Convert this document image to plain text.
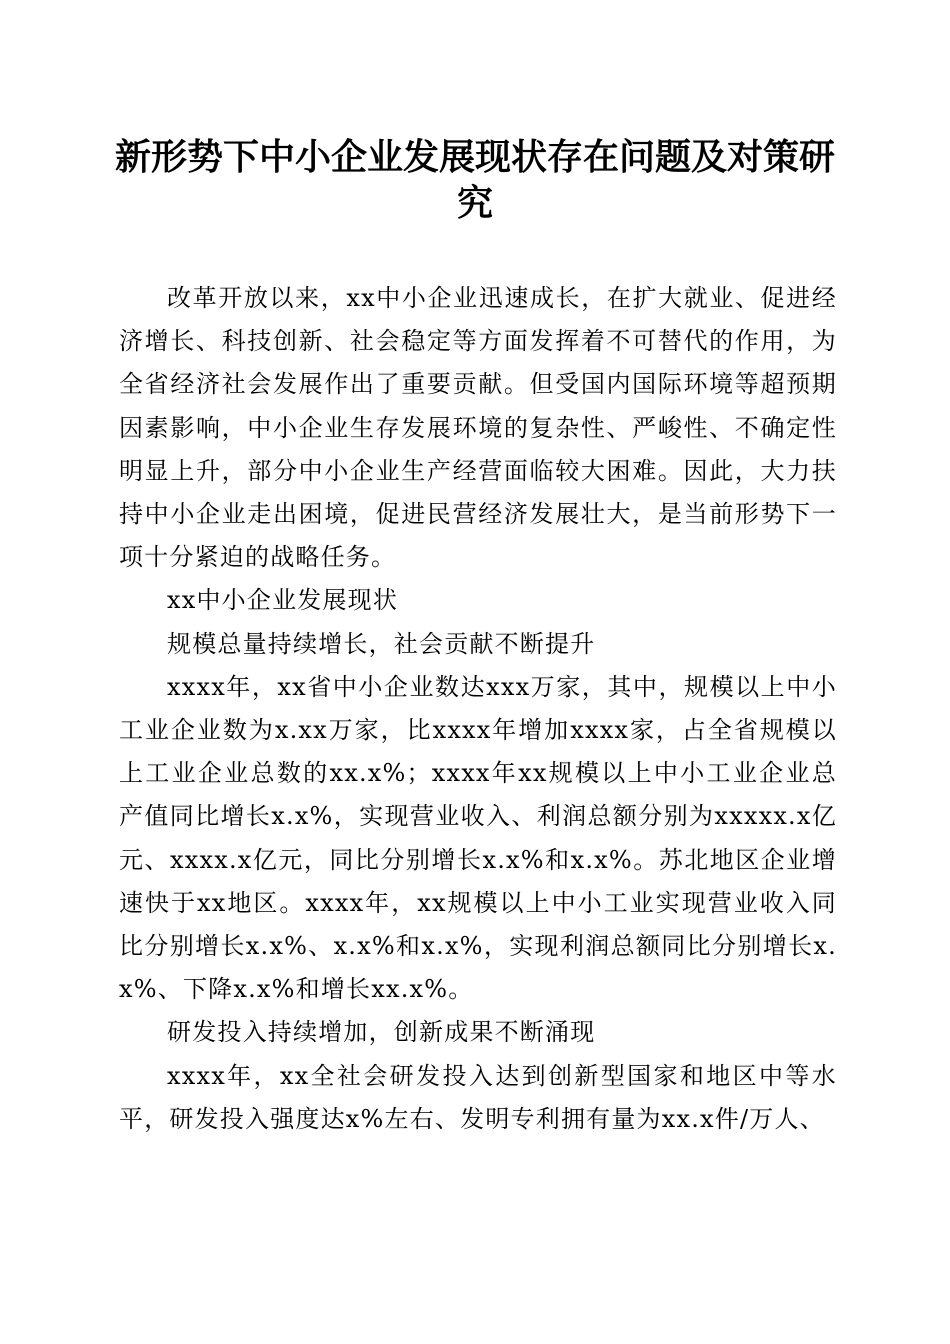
新形势下中小企业发展现状存在问题及对策研究

改革开放以来，xx中小企业迅速成长，在扩大就业、促进经济增长、科技创新、社会稳定等方面发挥着不可替代的作用，为全省经济社会发展作出了重要贡献。但受国内国际环境等超预期因素影响，中小企业生存发展环境的复杂性、严峻性、不确定性明显上升，部分中小企业生产经营面临较大困难。因此，大力扶持中小企业走出困境，促进民营经济发展壮大，是当前形势下一项十分紧迫的战略任务。

xx中小企业发展现状

规模总量持续增长，社会贡献不断提升

xxxx年，xx省中小企业数达xxx万家，其中，规模以上中小工业企业数为x.xx万家，比xxxx年增加xxxx家，占全省规模以上工业企业总数的xx.x%；xxxx年xx规模以上中小工业企业总产值同比增长x.x%，实现营业收入、利润总额分别为xxxxx.x亿元、xxxx.x亿元，同比分别增长x.x%和x.x%。苏北地区企业增速快于xx地区。xxxx年，xx规模以上中小工业实现营业收入同比分别增长x.x%、x.x%和x.x%，实现利润总额同比分别增长x.x%、下降x.x%和增长xx.x%。

研发投入持续增加，创新成果不断涌现

xxxx年，xx全社会研发投入达到创新型国家和地区中等水平，研发投入强度达x%左右、发明专利拥有量为xx.x件/万人、
